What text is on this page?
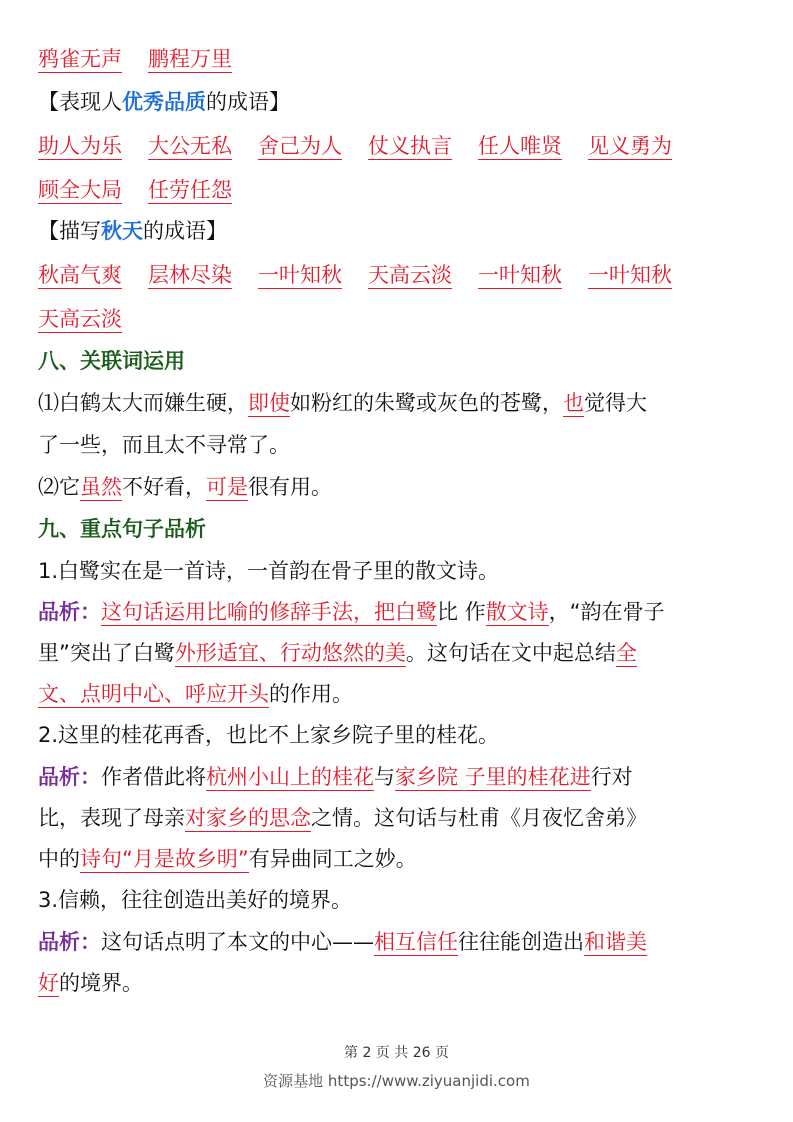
鸦雀无声 鹏程万里
【表现人优秀品质的成语】
助人为乐 大公无私 舍己为人 仗义执言 任人唯贤 见义勇为
顾全大局 任劳任怨
【描写秋天的成语】
秋高气爽 层林尽染 一叶知秋 天高云淡 一叶知秋 一叶知秋
天高云淡
八、关联词运用
⑴白鹤太大而嫌生硬，即使如粉红的朱鹭或灰色的苍鹭，也觉得大
了一些，而且太不寻常了。
⑵它虽然不好看，可是很有用。
九、重点句子品析
1.白鹭实在是一首诗，一首韵在骨子里的散文诗。
品析：这句话运用比喻的修辞手法，把白鹭比 作散文诗，“韵在骨子
里”突出了白鹭外形适宜、行动悠然的美。这句话在文中起总结全
文、点明中心、呼应开头的作用。
2.这里的桂花再香，也比不上家乡院子里的桂花。
品析：作者借此将杭州小山上的桂花与家乡院 子里的桂花进行对
比，表现了母亲对家乡的思念之情。这句话与杜甫《月夜忆舍弟》
中的诗句“月是故乡明”有异曲同工之妙。
3.信赖，往往创造出美好的境界。
品析：这句话点明了本文的中心——相互信任往往能创造出和谐美
好的境界。
第 2 页 共 26 页
资源基地 https://www.ziyuanjidi.com
